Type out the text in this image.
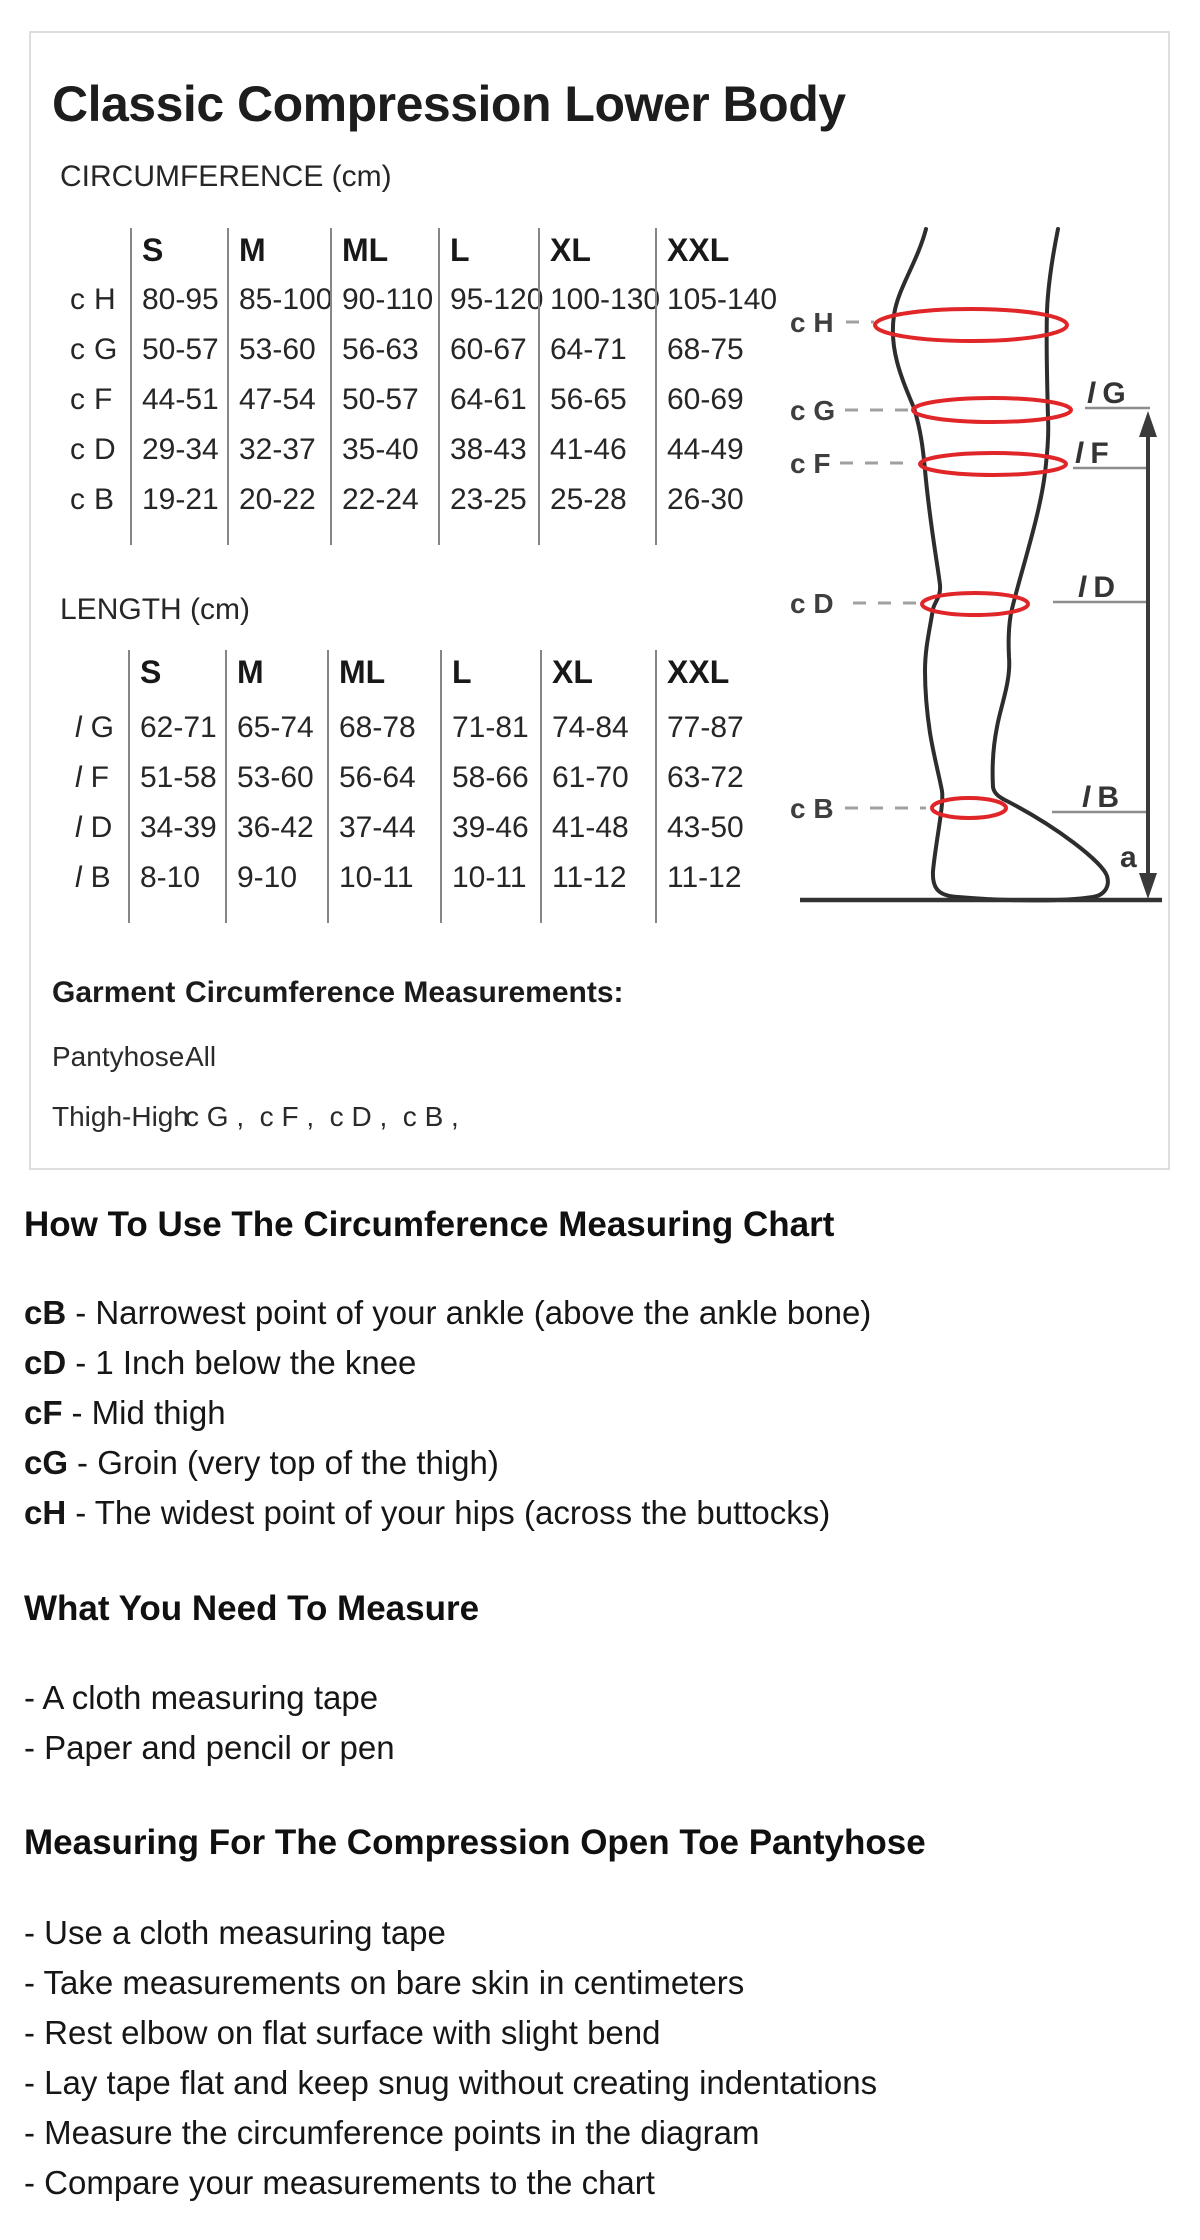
Classic Compression Lower Body
CIRCUMFERENCE (cm)
S	M	ML	L	XL	XXL
c H 80-95 85-100 90-110 95-120 100-130 105-140
c G 50-57 53-60 56-63	60-67 64-71	68-75
c F 44-51 47-54 50-57	64-61 56-65	60-69
c D 29-34 32-37 35-40	38-43 41-46	44-49
c B 19-21 20-22 22-24	23-25 25-28	26-30
LENGTH (cm)
S	M	ML	L	XL	XXL
l G 62-71 65-74 68-78	71-81 74-84	77-87
l F	51-58 53-60 56-64	58-66 61-70	63-72
l D 34-39 36-42 37-44	39-46 41-48	43-50
l B 8-10	9-10	10-11	10-11 11-12	11-12
c H
c G
c F
c D
c B
l G
l F
l D
l B
a
Garment Circumference Measurements:
Pantyhose All
Thigh-High
c G ,  c F ,  c D ,  c B ,
How To Use The Circumference Measuring Chart
cB - Narrowest point of your ankle (above the ankle bone)
cD - 1 Inch below the knee
cF - Mid thigh
cG - Groin (very top of the thigh)
cH - The widest point of your hips (across the buttocks)
What You Need To Measure
- A cloth measuring tape
- Paper and pencil or pen
Measuring For The Compression Open Toe Pantyhose
- Use a cloth measuring tape
- Take measurements on bare skin in centimeters
- Rest elbow on flat surface with slight bend
- Lay tape flat and keep snug without creating indentations
- Measure the circumference points in the diagram
- Compare your measurements to the chart
